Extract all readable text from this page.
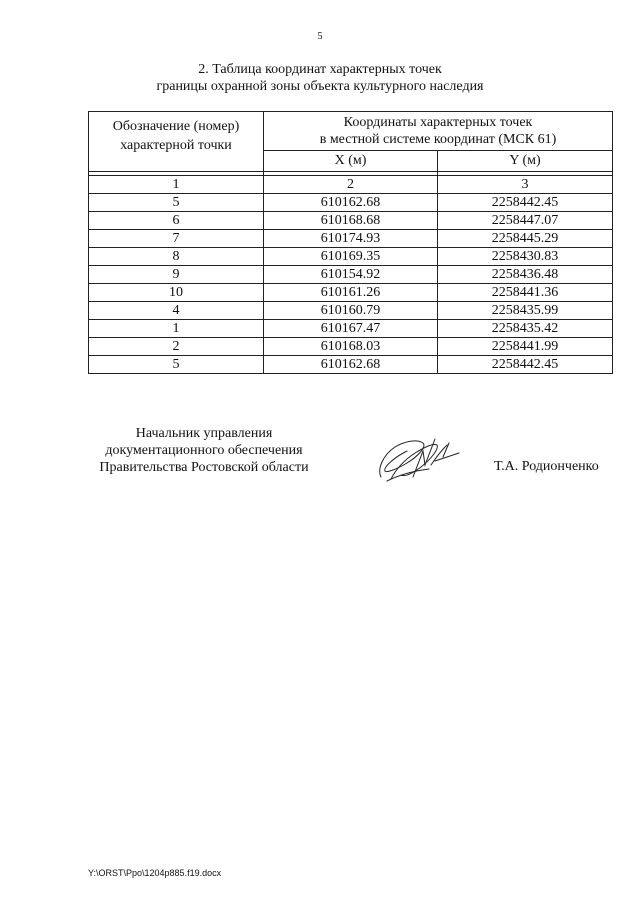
5
2. Таблица координат характерных точек
границы охранной зоны объекта культурного наследия
Обозначение (номер) характерной точки	Координаты характерных точек
в местной системе координат (МСК 61)	

	X (м)	Y (м)

1	2	3
5	610162.68	2258442.45
6	610168.68	2258447.07
7	610174.93	2258445.29
8	610169.35	2258430.83
9	610154.92	2258436.48
10	610161.26	2258441.36
4	610160.79	2258435.99
1	610167.47	2258435.42
2	610168.03	2258441.99
5	610162.68	2258442.45
Начальник управления
документационного обеспечения
Правительства Ростовской области	Т.А. Родионченко
Y:\ORST\Ppo\1204p885.f19.docx
